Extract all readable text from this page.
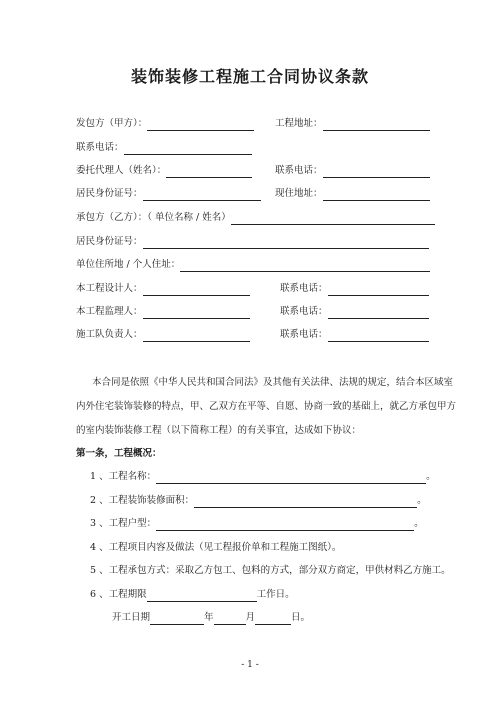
装饰装修工程施工合同协议条款
发包方（甲方）：	工程地址：
联系电话：
委托代理人（姓名）：	联系电话：
居民身份证号：	现住地址：
承包方（乙方）：（ 单位名称 / 姓名）
居民身份证号：
单位住所地 / 个人住址：
本工程设计人：	联系电话：
本工程监理人：	联系电话：
施工队负责人：	联系电话：
本合同是依照《中华人民共和国合同法》及其他有关法律、法规的规定，结合本区域室
内外住宅装饰装修的特点，甲、乙双方在平等、自愿、协商一致的基础上，就乙方承包甲方
的室内装饰装修工程（以下简称工程）的有关事宜，达成如下协议：
第一条，工程概况：
1 、工程名称：	。
2 、工程装饰装修面积：	。
3 、工程户型：	。
4 、工程项目内容及做法（见工程报价单和工程施工图纸）。
5 、工程承包方式：采取乙方包工、包料的方式，部分双方商定，甲供材料乙方施工。
6 、工程期限	工作日。
开工日期	年	月	日。
- 1 -
